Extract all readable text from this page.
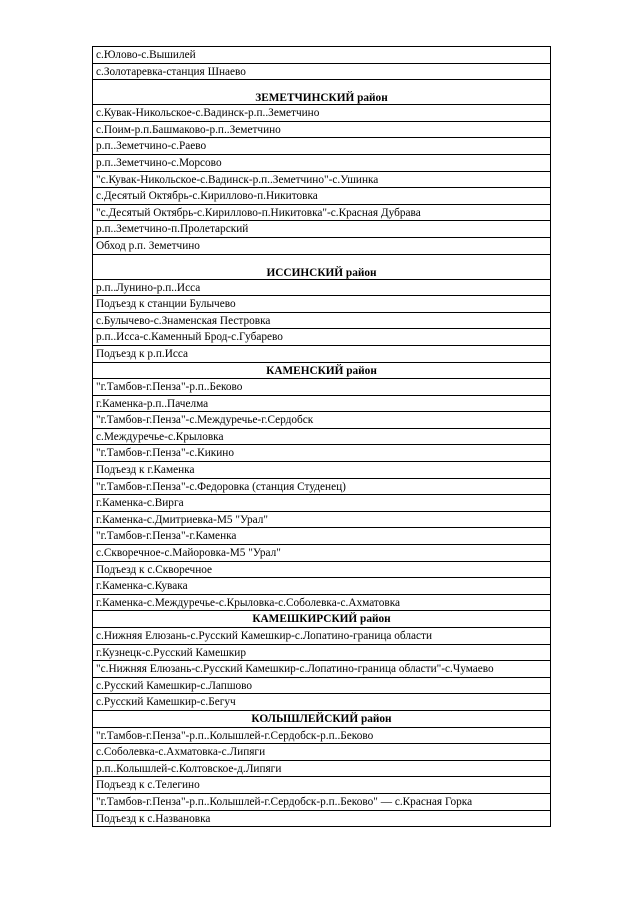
с.Юлово-с.Вышилей
с.Золотаревка-станция Шнаево
ЗЕМЕТЧИНСКИЙ район
с.Кувак-Никольское-с.Вадинск-р.п..Земетчино
с.Поим-р.п.Башмаково-р.п..Земетчино
р.п..Земетчино-с.Раево
р.п..Земетчино-с.Морсово
"с.Кувак-Никольское-с.Вадинск-р.п..Земетчино"-с.Ушинка
с.Десятый Октябрь-с.Кириллово-п.Никитовка
"с.Десятый Октябрь-с.Кириллово-п.Никитовка"-с.Красная Дубрава
р.п..Земетчино-п.Пролетарский
Обход р.п. Земетчино
ИССИНСКИЙ район
р.п..Лунино-р.п..Исса
Подъезд к станции Булычево
с.Булычево-с.Знаменская Пестровка
р.п..Исса-с.Каменный Брод-с.Губарево
Подъезд к р.п.Исса
КАМЕНСКИЙ район
"г.Тамбов-г.Пенза"-р.п..Беково
г.Каменка-р.п..Пачелма
"г.Тамбов-г.Пенза"-с.Междуречье-г.Сердобск
с.Междуречье-с.Крыловка
"г.Тамбов-г.Пенза"-с.Кикино
Подъезд к г.Каменка
"г.Тамбов-г.Пенза"-с.Федоровка (станция Студенец)
г.Каменка-с.Вирга
г.Каменка-с.Дмитриевка-М5 "Урал"
"г.Тамбов-г.Пенза"-г.Каменка
с.Скворечное-с.Майоровка-М5 "Урал"
Подъезд к с.Скворечное
г.Каменка-с.Кувака
г.Каменка-с.Междуречье-с.Крыловка-с.Соболевка-с.Ахматовка
КАМЕШКИРСКИЙ район
с.Нижняя Елюзань-с.Русский Камешкир-с.Лопатино-граница области
г.Кузнецк-с.Русский Камешкир
"с.Нижняя Елюзань-с.Русский Камешкир-с.Лопатино-граница области"-с.Чумаево
с.Русский Камешкир-с.Лапшово
с.Русский Камешкир-с.Бегуч
КОЛЫШЛЕЙСКИЙ район
"г.Тамбов-г.Пенза"-р.п..Колышлей-г.Сердобск-р.п..Беково
с.Соболевка-с.Ахматовка-с.Липяги
р.п..Колышлей-с.Колтовское-д.Липяги
Подъезд к с.Телегино
"г.Тамбов-г.Пенза"-р.п..Колышлей-г.Сердобск-р.п..Беково" — с.Красная Горка
Подъезд к с.Названовка
